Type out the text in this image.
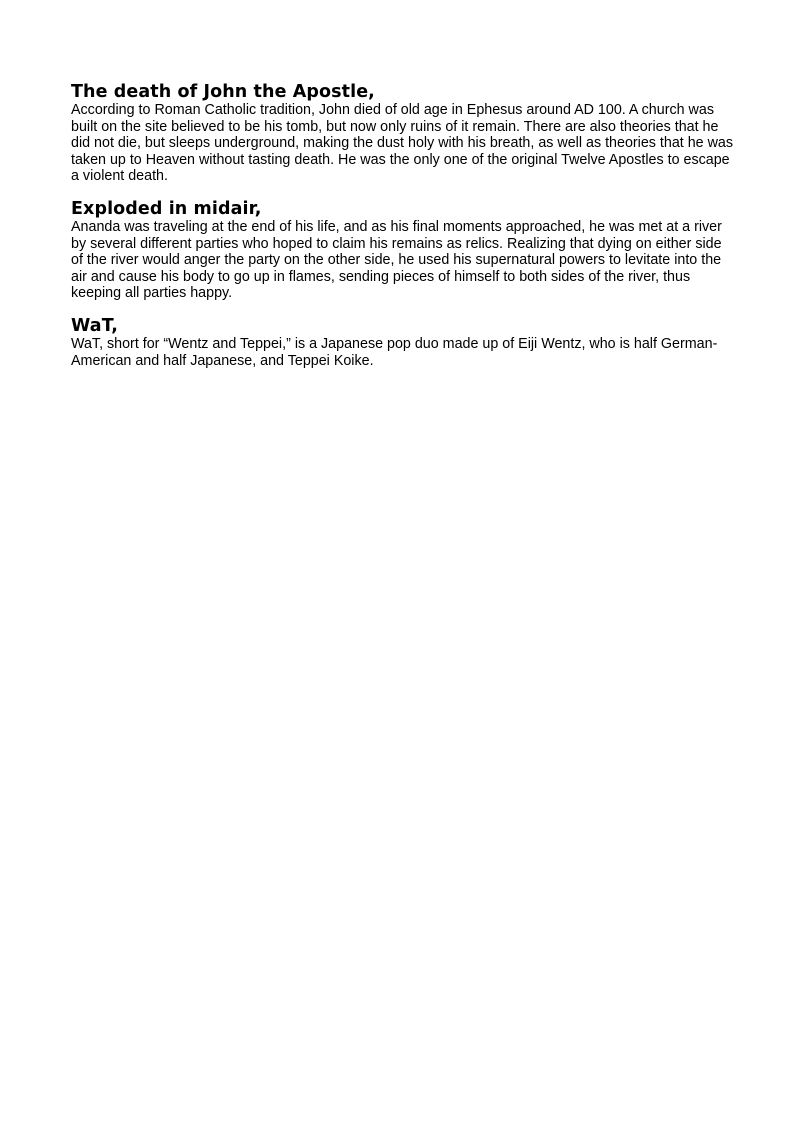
The death of John the Apostle,

According to Roman Catholic tradition, John died of old age in Ephesus around AD 100. A church was built on the site believed to be his tomb, but now only ruins of it remain. There are also theories that he did not die, but sleeps underground, making the dust holy with his breath, as well as theories that he was taken up to Heaven without tasting death. He was the only one of the original Twelve Apostles to escape a violent death.

Exploded in midair,

Ananda was traveling at the end of his life, and as his final moments approached, he was met at a river by several different parties who hoped to claim his remains as relics. Realizing that dying on either side of the river would anger the party on the other side, he used his supernatural powers to levitate into the air and cause his body to go up in flames, sending pieces of himself to both sides of the river, thus keeping all parties happy.

WaT,

WaT, short for “Wentz and Teppei,” is a Japanese pop duo made up of Eiji Wentz, who is half German-American and half Japanese, and Teppei Koike.
